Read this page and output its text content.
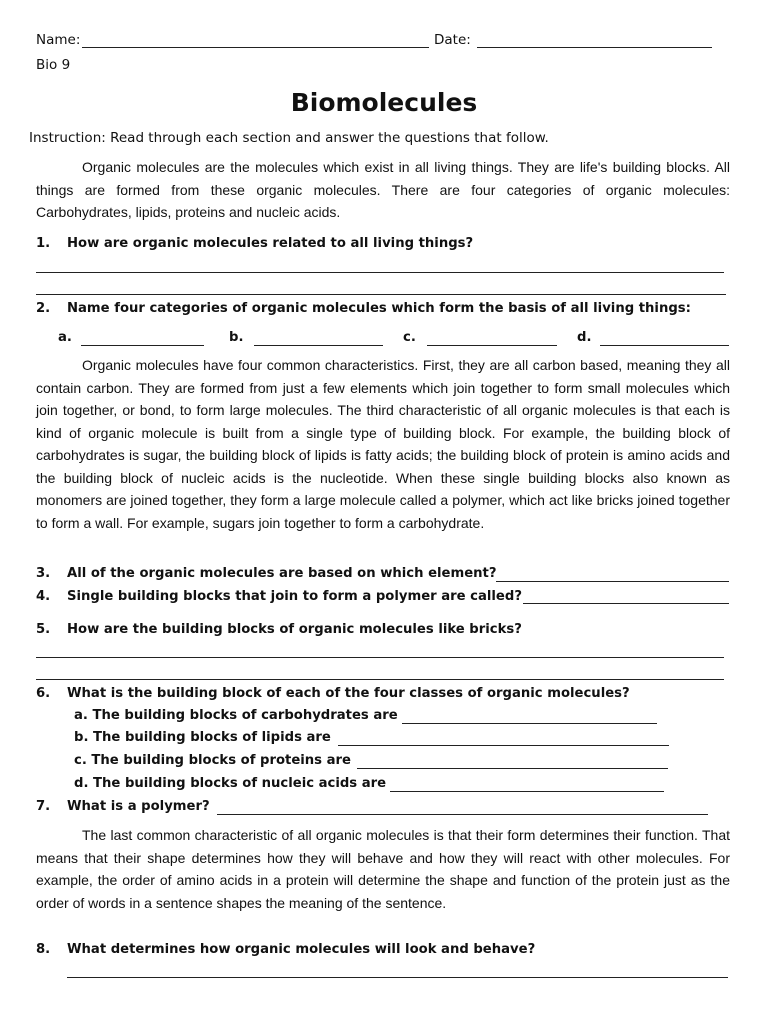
Name:	Date:
Bio 9
Biomolecules
Instruction: Read through each section and answer the questions that follow.
Organic molecules are the molecules which exist in all living things. They are life's building blocks. All things are formed from these organic molecules. There are four categories of organic molecules: Carbohydrates, lipids, proteins and nucleic acids.
1. How are organic molecules related to all living things?
2. Name four categories of organic molecules which form the basis of all living things:
a.	b.	c.	d.
Organic molecules have four common characteristics. First, they are all carbon based, meaning they all contain carbon. They are formed from just a few elements which join together to form small molecules which join together, or bond, to form large molecules. The third characteristic of all organic molecules is that each is kind of organic molecule is built from a single type of building block. For example, the building block of carbohydrates is sugar, the building block of lipids is fatty acids; the building block of protein is amino acids and the building block of nucleic acids is the nucleotide. When these single building blocks also known as monomers are joined together, they form a large molecule called a polymer, which act like bricks joined together to form a wall. For example, sugars join together to form a carbohydrate.
3. All of the organic molecules are based on which element?
4. Single building blocks that join to form a polymer are called?
5. How are the building blocks of organic molecules like bricks?
6. What is the building block of each of the four classes of organic molecules?
a. The building blocks of carbohydrates are
b. The building blocks of lipids are
c. The building blocks of proteins are
d. The building blocks of nucleic acids are
7. What is a polymer?
The last common characteristic of all organic molecules is that their form determines their function. That means that their shape determines how they will behave and how they will react with other molecules. For example, the order of amino acids in a protein will determine the shape and function of the protein just as the order of words in a sentence shapes the meaning of the sentence.
8. What determines how organic molecules will look and behave?
